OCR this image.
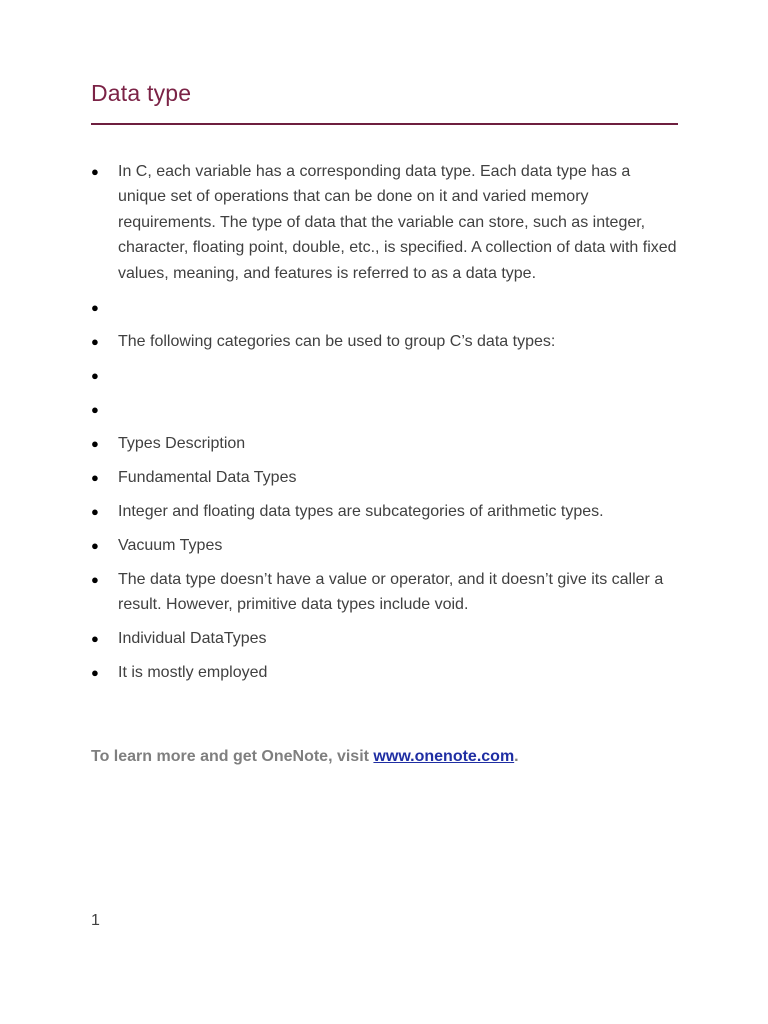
Data type
● In C, each variable has a corresponding data type. Each data type has a unique set of operations that can be done on it and varied memory requirements. The type of data that the variable can store, such as integer, character, floating point, double, etc., is specified. A collection of data with fixed values, meaning, and features is referred to as a data type.
●
● The following categories can be used to group C’s data types:
●
●
● Types Description
● Fundamental Data Types
● Integer and floating data types are subcategories of arithmetic types.
● Vacuum Types
● The data type doesn’t have a value or operator, and it doesn’t give its caller a result. However, primitive data types include void.
● Individual DataTypes
● It is mostly employed
To learn more and get OneNote, visit www.onenote.com.
1
